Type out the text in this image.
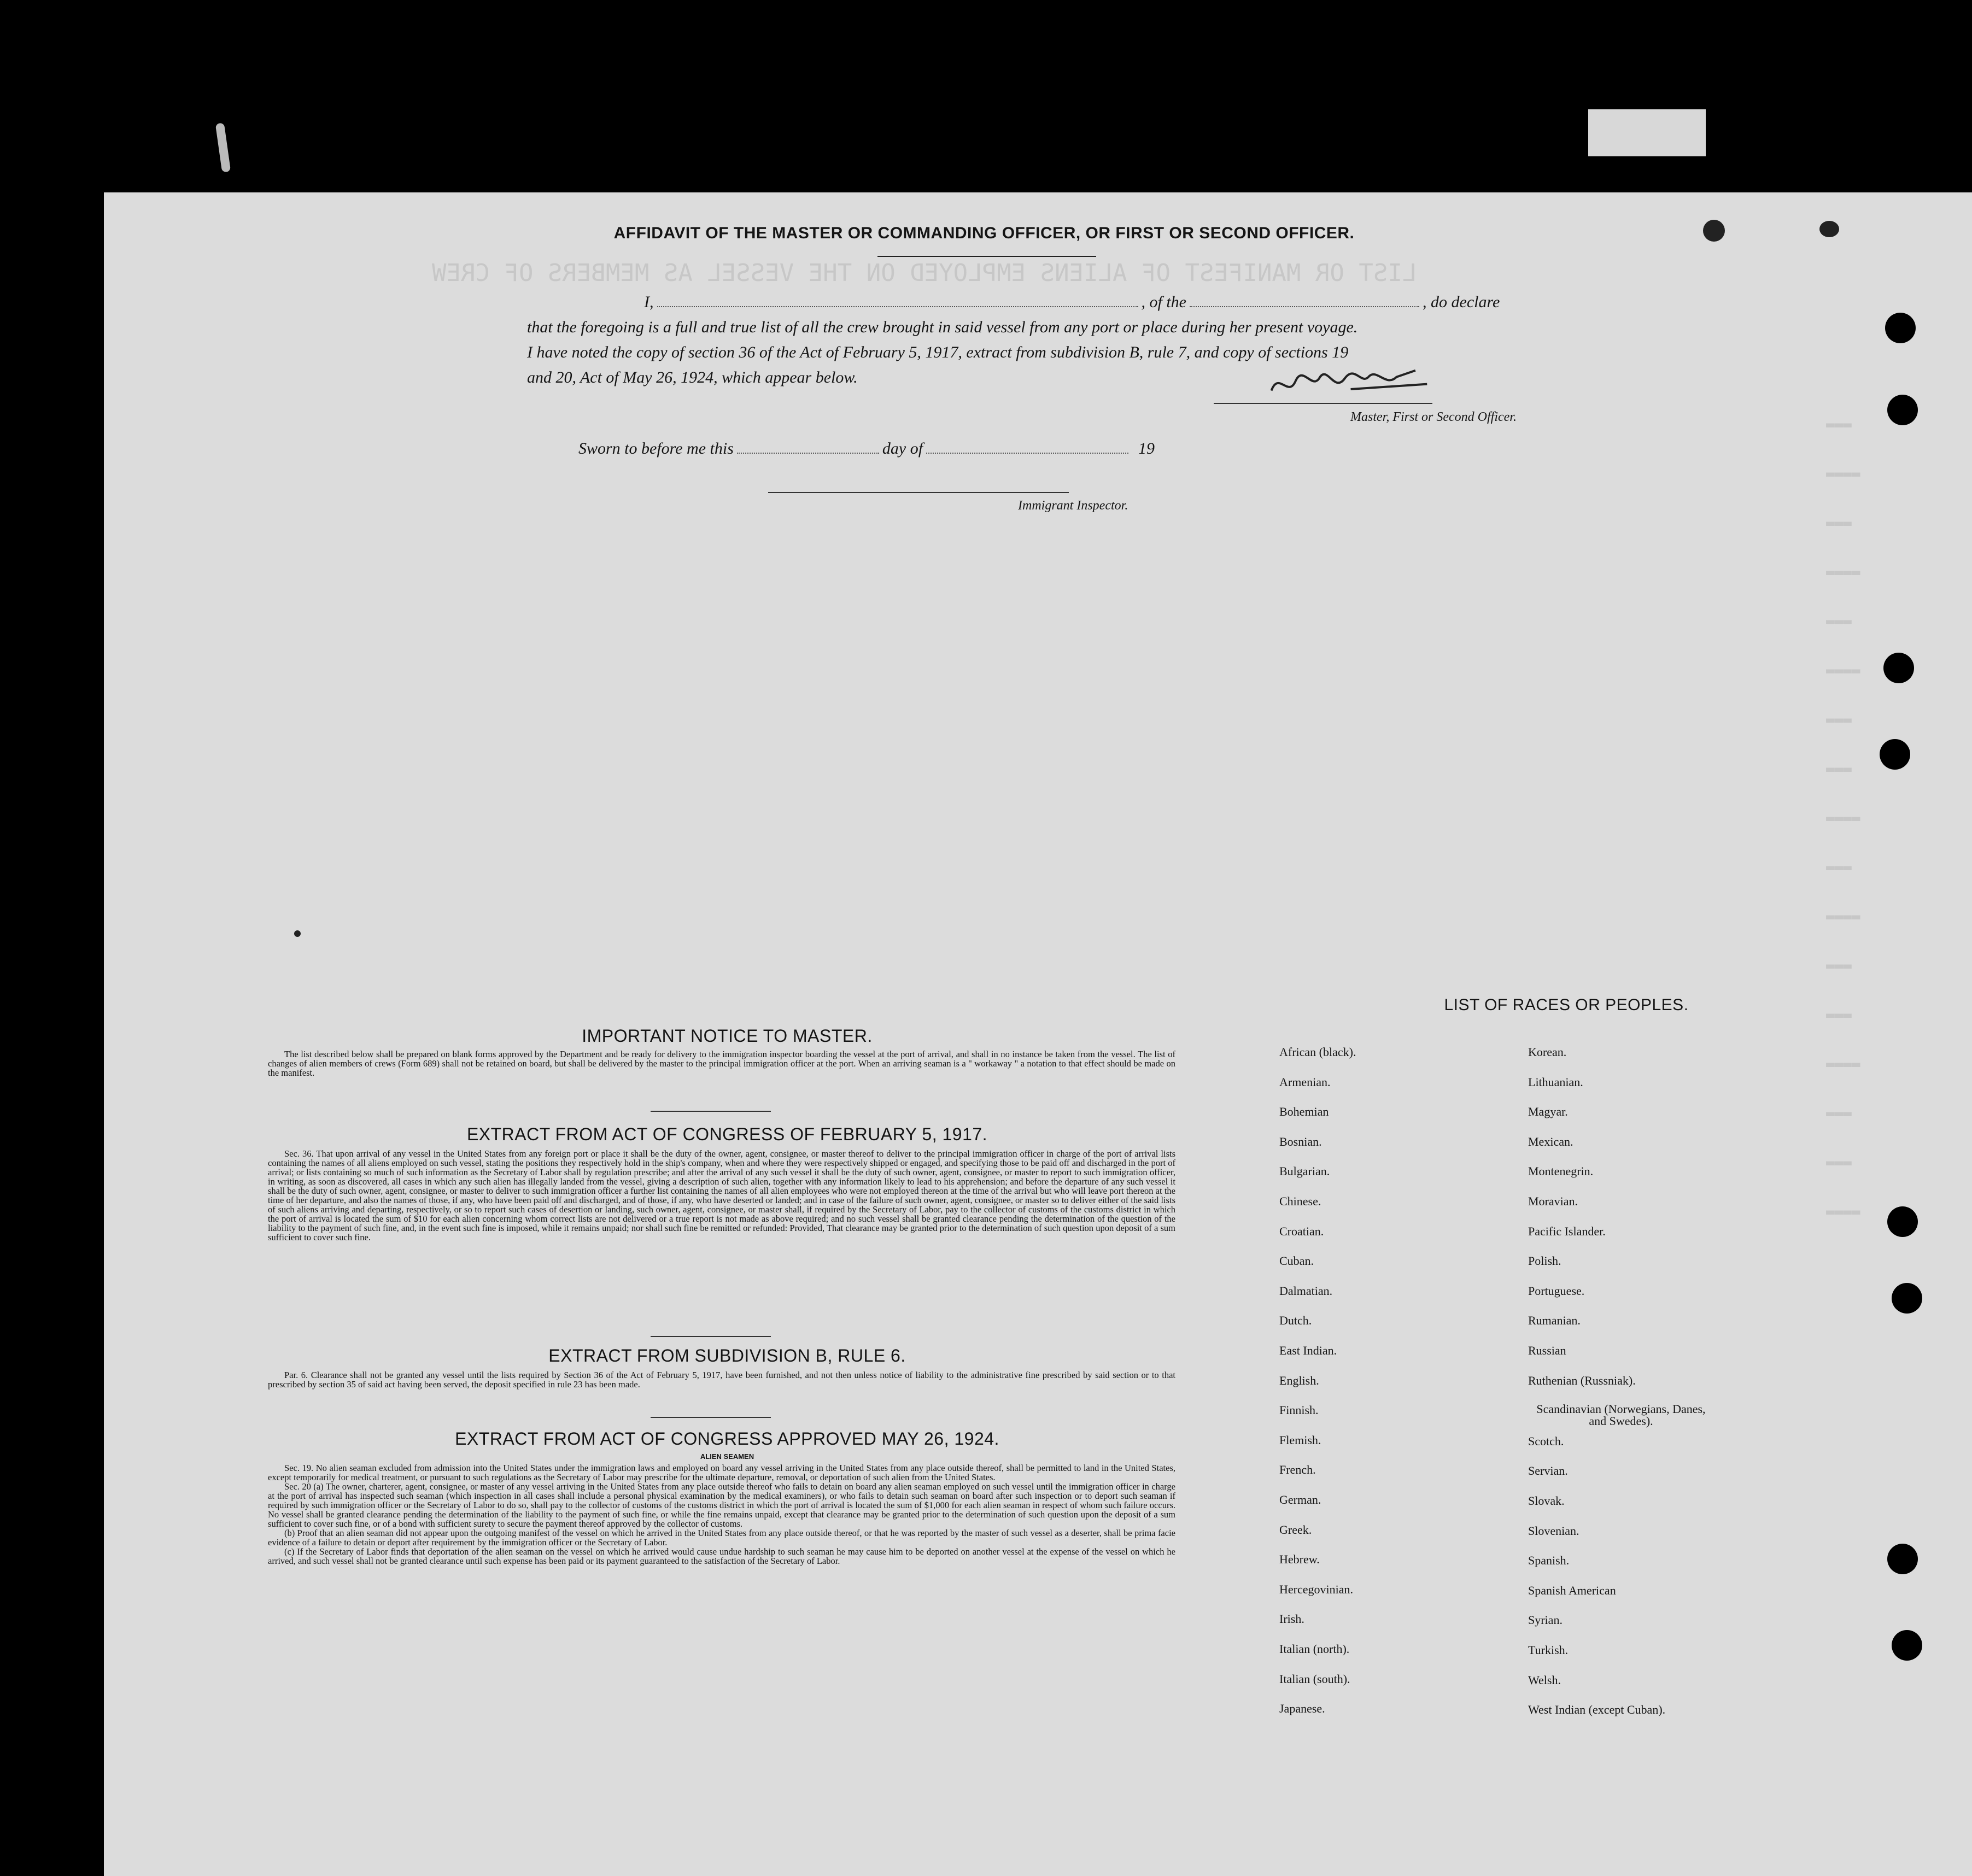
LIST OR MANIFEST OF ALIENS EMPLOYED ON THE VESSEL AS MEMBERS OF CREW
▬▬▬
▬▬▬▬
▬▬▬
▬▬▬▬
▬▬▬
▬▬▬▬
▬▬▬
▬▬▬
▬▬▬▬
▬▬▬
▬▬▬▬
▬▬▬
▬▬▬
▬▬▬▬
▬▬▬
▬▬▬
▬▬▬▬
AFFIDAVIT OF THE MASTER OR COMMANDING OFFICER, OR FIRST OR SECOND OFFICER.
I,	, of the	, do declare
that the foregoing is a full and true list of all the crew brought in said vessel from any port or place during her present voyage.
I have noted the copy of section 36 of the Act of February 5, 1917, extract from subdivision B, rule 7, and copy of sections 19
and 20, Act of May 26, 1924, which appear below.
Master, First or Second Officer.
Sworn to before me this	day of	19
Immigrant Inspector.
IMPORTANT NOTICE TO MASTER.

The list described below shall be prepared on blank forms approved by the Department and be ready for delivery to the immigration inspector boarding the vessel at the port of arrival, and shall in no instance be taken from the vessel. The list of changes of alien members of crews (Form 689) shall not be retained on board, but shall be delivered by the master to the principal immigration officer at the port. When an arriving seaman is a " workaway " a notation to that effect should be made on the manifest.

EXTRACT FROM ACT OF CONGRESS OF FEBRUARY 5, 1917.

Sec. 36. That upon arrival of any vessel in the United States from any foreign port or place it shall be the duty of the owner, agent, consignee, or master thereof to deliver to the principal immigration officer in charge of the port of arrival lists containing the names of all aliens employed on such vessel, stating the positions they respectively hold in the ship's company, when and where they were respectively shipped or engaged, and specifying those to be paid off and discharged in the port of arrival; or lists containing so much of such information as the Secretary of Labor shall by regulation prescribe; and after the arrival of any such vessel it shall be the duty of such owner, agent, consignee, or master to report to such immigration officer, in writing, as soon as discovered, all cases in which any such alien has illegally landed from the vessel, giving a description of such alien, together with any information likely to lead to his apprehension; and before the departure of any such vessel it shall be the duty of such owner, agent, consignee, or master to deliver to such immigration officer a further list containing the names of all alien employees who were not employed thereon at the time of the arrival but who will leave port thereon at the time of her departure, and also the names of those, if any, who have been paid off and discharged, and of those, if any, who have deserted or landed; and in case of the failure of such owner, agent, consignee, or master so to deliver either of the said lists of such aliens arriving and departing, respectively, or so to report such cases of desertion or landing, such owner, agent, consignee, or master shall, if required by the Secretary of Labor, pay to the collector of customs of the customs district in which the port of arrival is located the sum of $10 for each alien concerning whom correct lists are not delivered or a true report is not made as above required; and no such vessel shall be granted clearance pending the determination of the question of the liability to the payment of such fine, and, in the event such fine is imposed, while it remains unpaid; nor shall such fine be remitted or refunded: Provided, That clearance may be granted prior to the determination of such question upon deposit of a sum sufficient to cover such fine.

EXTRACT FROM SUBDIVISION B, RULE 6.

Par. 6. Clearance shall not be granted any vessel until the lists required by Section 36 of the Act of February 5, 1917, have been furnished, and not then unless notice of liability to the administrative fine prescribed by said section or to that prescribed by section 35 of said act having been served, the deposit specified in rule 23 has been made.

EXTRACT FROM ACT OF CONGRESS APPROVED MAY 26, 1924.
ALIEN SEAMEN

Sec. 19. No alien seaman excluded from admission into the United States under the immigration laws and employed on board any vessel arriving in the United States from any place outside thereof, shall be permitted to land in the United States, except temporarily for medical treatment, or pursuant to such regulations as the Secretary of Labor may prescribe for the ultimate departure, removal, or deportation of such alien from the United States.

Sec. 20 (a) The owner, charterer, agent, consignee, or master of any vessel arriving in the United States from any place outside thereof who fails to detain on board any alien seaman employed on such vessel until the immigration officer in charge at the port of arrival has inspected such seaman (which inspection in all cases shall include a personal physical examination by the medical examiners), or who fails to detain such seaman on board after such inspection or to deport such seaman if required by such immigration officer or the Secretary of Labor to do so, shall pay to the collector of customs of the customs district in which the port of arrival is located the sum of $1,000 for each alien seaman in respect of whom such failure occurs. No vessel shall be granted clearance pending the determination of the liability to the payment of such fine, or while the fine remains unpaid, except that clearance may be granted prior to the determination of such question upon the deposit of a sum sufficient to cover such fine, or of a bond with sufficient surety to secure the payment thereof approved by the collector of customs.

(b) Proof that an alien seaman did not appear upon the outgoing manifest of the vessel on which he arrived in the United States from any place outside thereof, or that he was reported by the master of such vessel as a deserter, shall be prima facie evidence of a failure to detain or deport after requirement by the immigration officer or the Secretary of Labor.

(c) If the Secretary of Labor finds that deportation of the alien seaman on the vessel on which he arrived would cause undue hardship to such seaman he may cause him to be deported on another vessel at the expense of the vessel on which he arrived, and such vessel shall not be granted clearance until such expense has been paid or its payment guaranteed to the satisfaction of the Secretary of Labor.

LIST OF RACES OR PEOPLES.
African (black).
Armenian.
Bohemian
Bosnian.
Bulgarian.
Chinese.
Croatian.
Cuban.
Dalmatian.
Dutch.
East Indian.
English.
Finnish.
Flemish.
French.
German.
Greek.
Hebrew.
Hercegovinian.
Irish.
Italian (north).
Italian (south).
Japanese.
Korean.
Lithuanian.
Magyar.
Mexican.
Montenegrin.
Moravian.
Pacific Islander.
Polish.
Portuguese.
Rumanian.
Russian
Ruthenian (Russniak).
Scandinavian (Norwegians, Danes, and Swedes).
Scotch.
Servian.
Slovak.
Slovenian.
Spanish.
Spanish American
Syrian.
Turkish.
Welsh.
West Indian (except Cuban).
